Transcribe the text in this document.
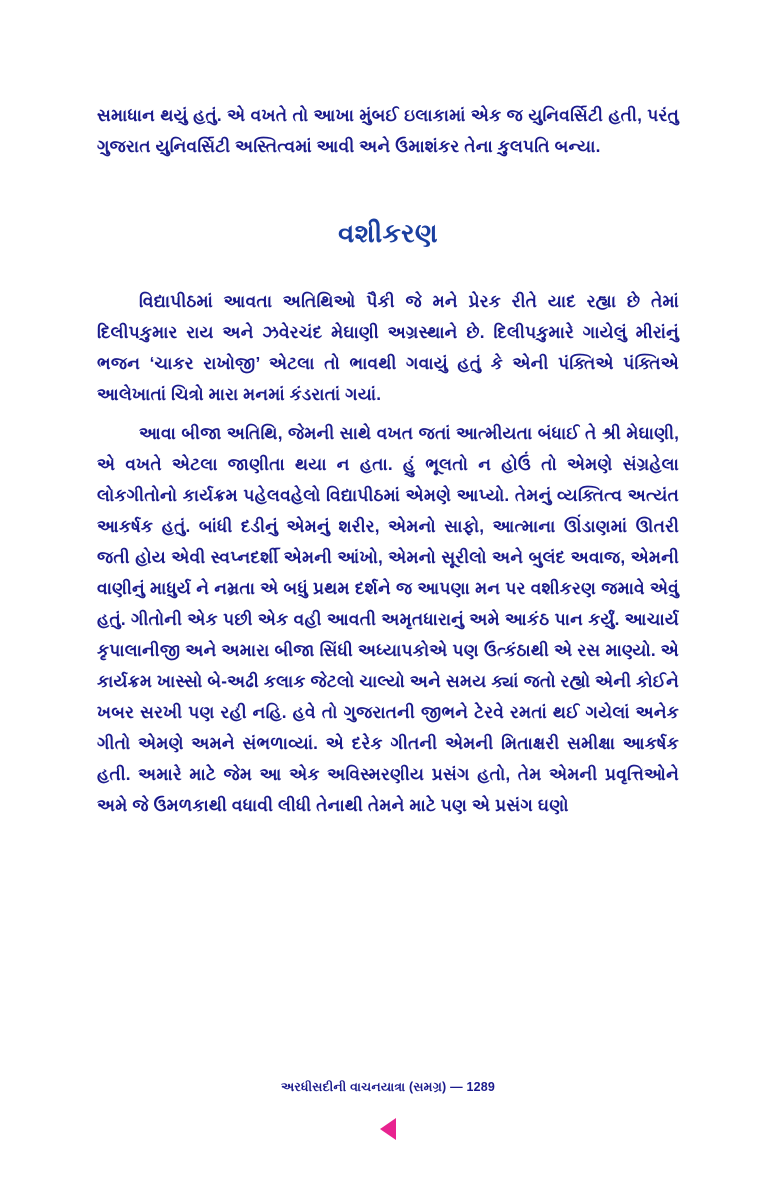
સમાધાન થયું હતું. એ વખતે તો આખા મુંબઈ ઇલાકામાં એક જ યુનિવર્સિટી હતી, પરંતુ ગુજરાત યુનિવર્સિટી અસ્તિત્વમાં આવી અને ઉમાશંકર તેના કુલપતિ બન્યા.

વશીકરણ

વિદ્યાપીઠમાં આવતા અતિથિઓ પૈકી જે મને પ્રેરક રીતે યાદ રહ્યા છે તેમાં દિલીપકુમાર રાય અને ઝવેરચંદ મેઘાણી અગ્રસ્થાને છે. દિલીપકુમારે ગાયેલું મીરાંનું ભજન ‘ચાકર રાખોજી’ એટલા તો ભાવથી ગવાયું હતું કે એની પંક્તિએ પંક્તિએ આલેખાતાં ચિત્રો મારા મનમાં કંડરાતાં ગયાં.

આવા બીજા અતિથિ, જેમની સાથે વખત જતાં આત્મીયતા બંધાઈ તે શ્રી મેઘાણી, એ વખતે એટલા જાણીતા થયા ન હતા. હું ભૂલતો ન હોઉં તો એમણે સંગ્રહેલા લોકગીતોનો કાર્યક્રમ પહેલવહેલો વિદ્યાપીઠમાં એમણે આપ્યો. તેમનું વ્યક્તિત્વ અત્યંત આકર્ષક હતું. બાંધી દડીનું એમનું શરીર, એમનો સાફો, આત્માના ઊંડાણમાં ઊતરી જતી હોય એવી સ્વપ્નદર્શી એમની આંખો, એમનો સૂરીલો અને બુલંદ અવાજ, એમની વાણીનું માધુર્ય ને નમ્રતા એ બધું પ્રથમ દર્શને જ આપણા મન પર વશીકરણ જમાવે એવું હતું. ગીતોની એક પછી એક વહી આવતી અમૃતધારાનું અમે આકંઠ પાન કર્યું. આચાર્ય કૃપાલાનીજી અને અમારા બીજા સિંધી અધ્યાપકોએ પણ ઉત્કંઠાથી એ રસ માણ્યો. એ કાર્યક્રમ ખાસ્સો બે-અઢી કલાક જેટલો ચાલ્યો અને સમય ક્યાં જતો રહ્યો એની કોઈને ખબર સરખી પણ રહી નહિ. હવે તો ગુજરાતની જીભને ટેરવે રમતાં થઈ ગયેલાં અનેક ગીતો એમણે અમને સંભળાવ્યાં. એ દરેક ગીતની એમની મિતાક્ષરી સમીક્ષા આકર્ષક હતી. અમારે માટે જેમ આ એક અવિસ્મરણીય પ્રસંગ હતો, તેમ એમની પ્રવૃત્તિઓને અમે જે ઉમળકાથી વધાવી લીધી તેનાથી તેમને માટે પણ એ પ્રસંગ ઘણો

અરધીસદીની વાચનયાત્રા (સમગ્ર) — 1289
